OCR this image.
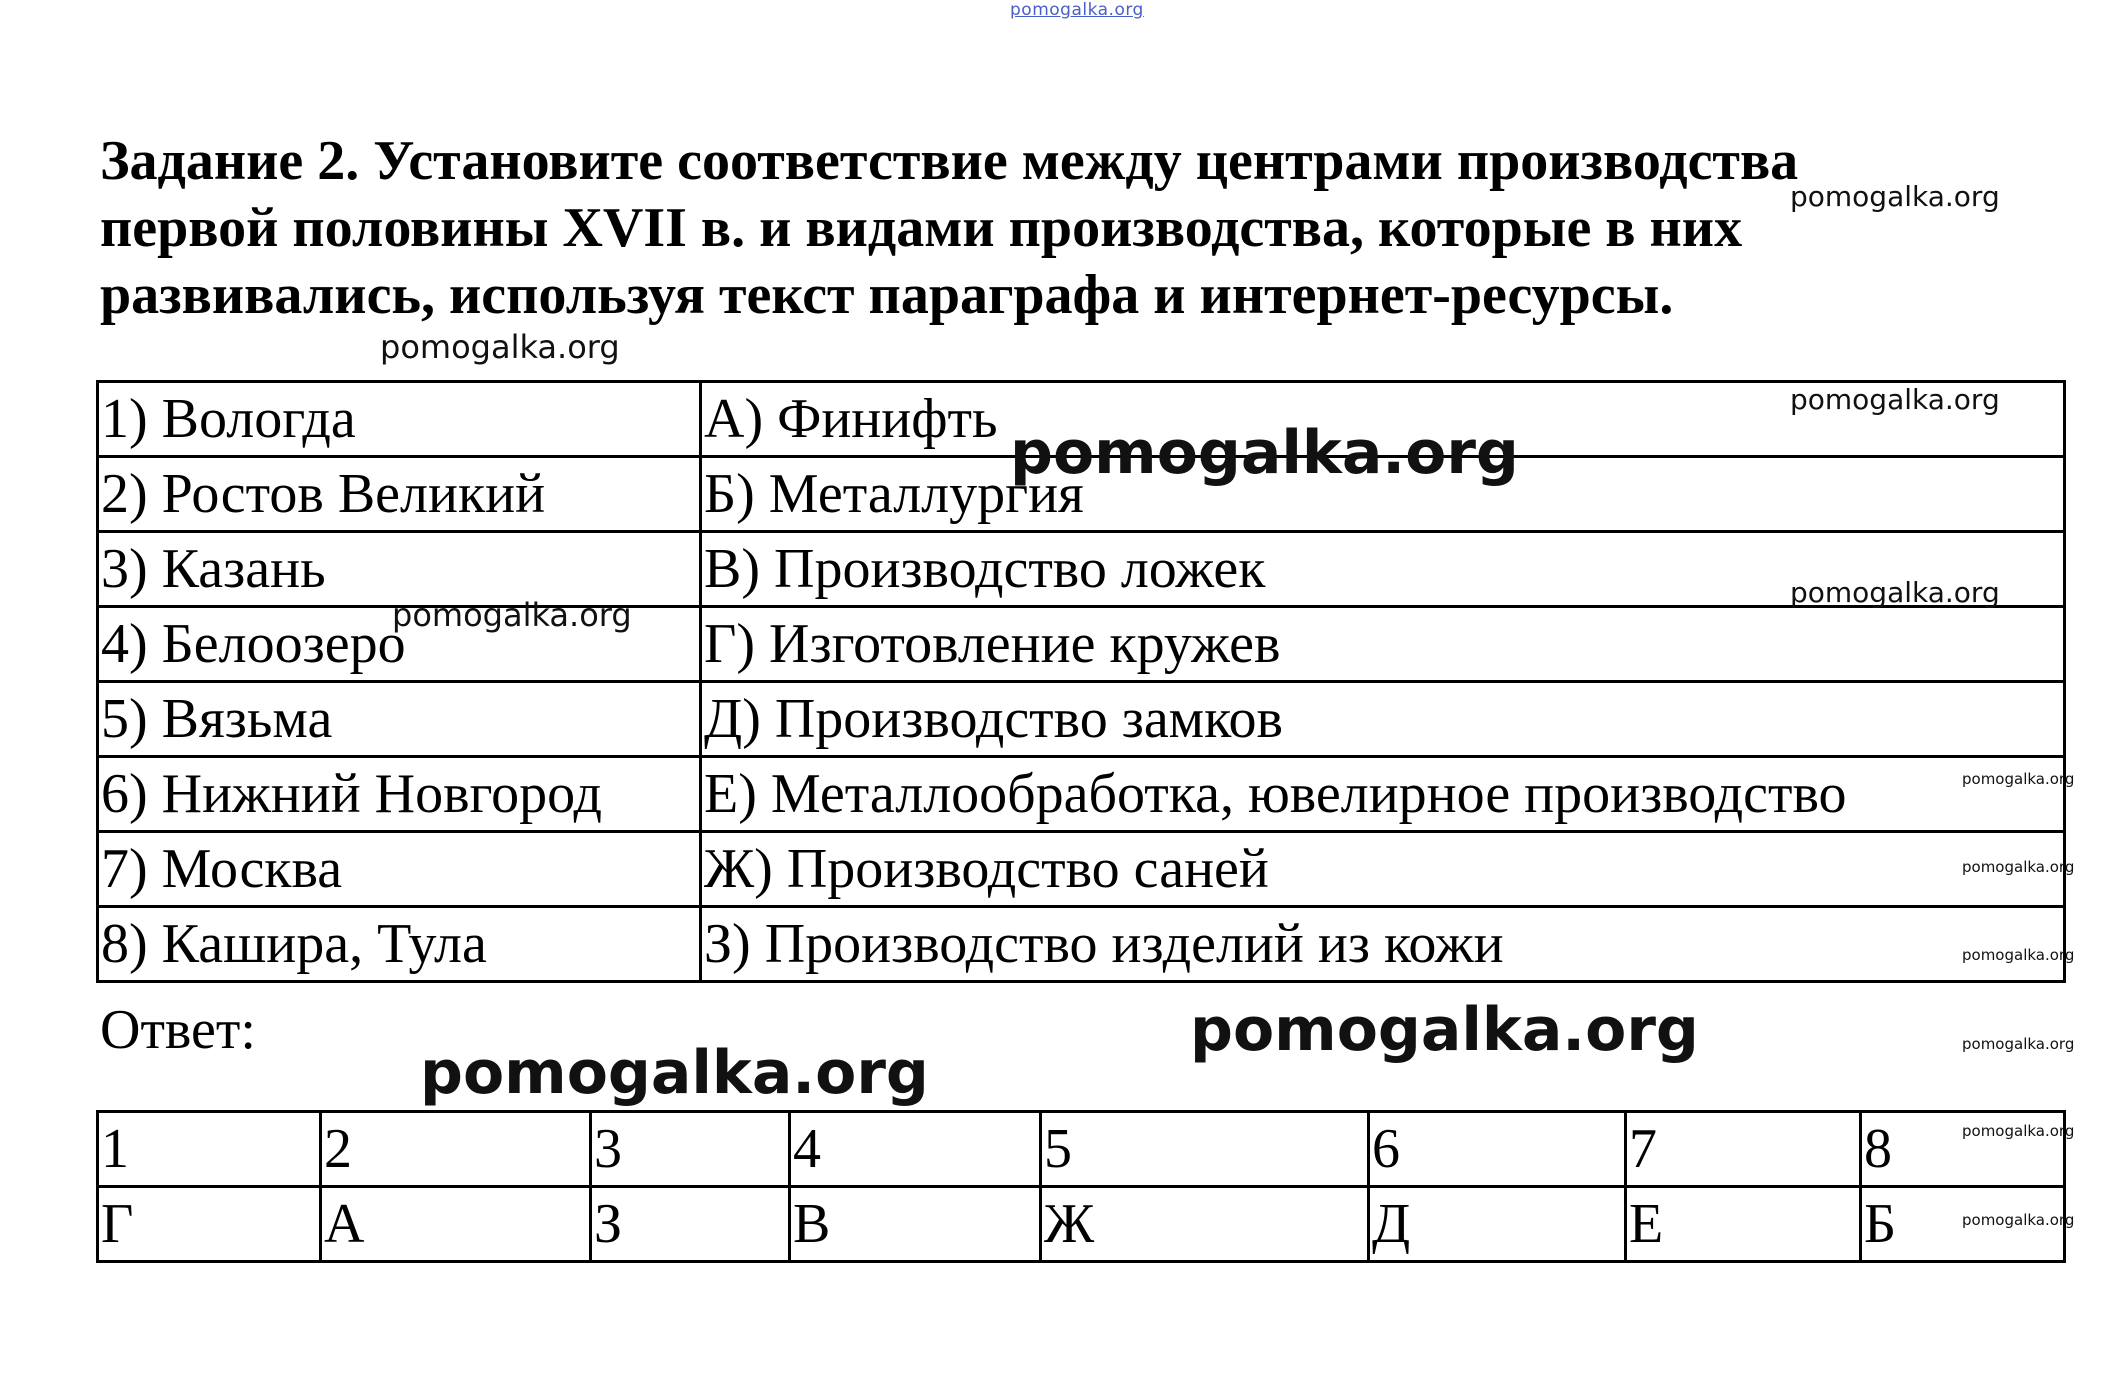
pomogalka.org
Задание 2. Установите соответствие между центрами производства
первой половины XVII в. и видами производства, которые в них
развивались, используя текст параграфа и интернет-ресурсы.
1) Вологда	А) Финифть
2) Ростов Великий	Б) Металлургия
3) Казань	В) Производство ложек
4) Белоозеро	Г) Изготовление кружев
5) Вязьма	Д) Производство замков
6) Нижний Новгород	Е) Металлообработка, ювелирное производство
7) Москва	Ж) Производство саней
8) Кашира, Тула	З) Производство изделий из кожи
Ответ:
1	2	3	4	5	6	7	8
Г	А	З	В	Ж	Д	Е	Б
pomogalka.org
pomogalka.org
pomogalka.org
pomogalka.org
pomogalka.org
pomogalka.org
pomogalka.org
pomogalka.org
pomogalka.org
pomogalka.org	pomogalka.org
pomogalka.org
pomogalka.org
pomogalka.org
